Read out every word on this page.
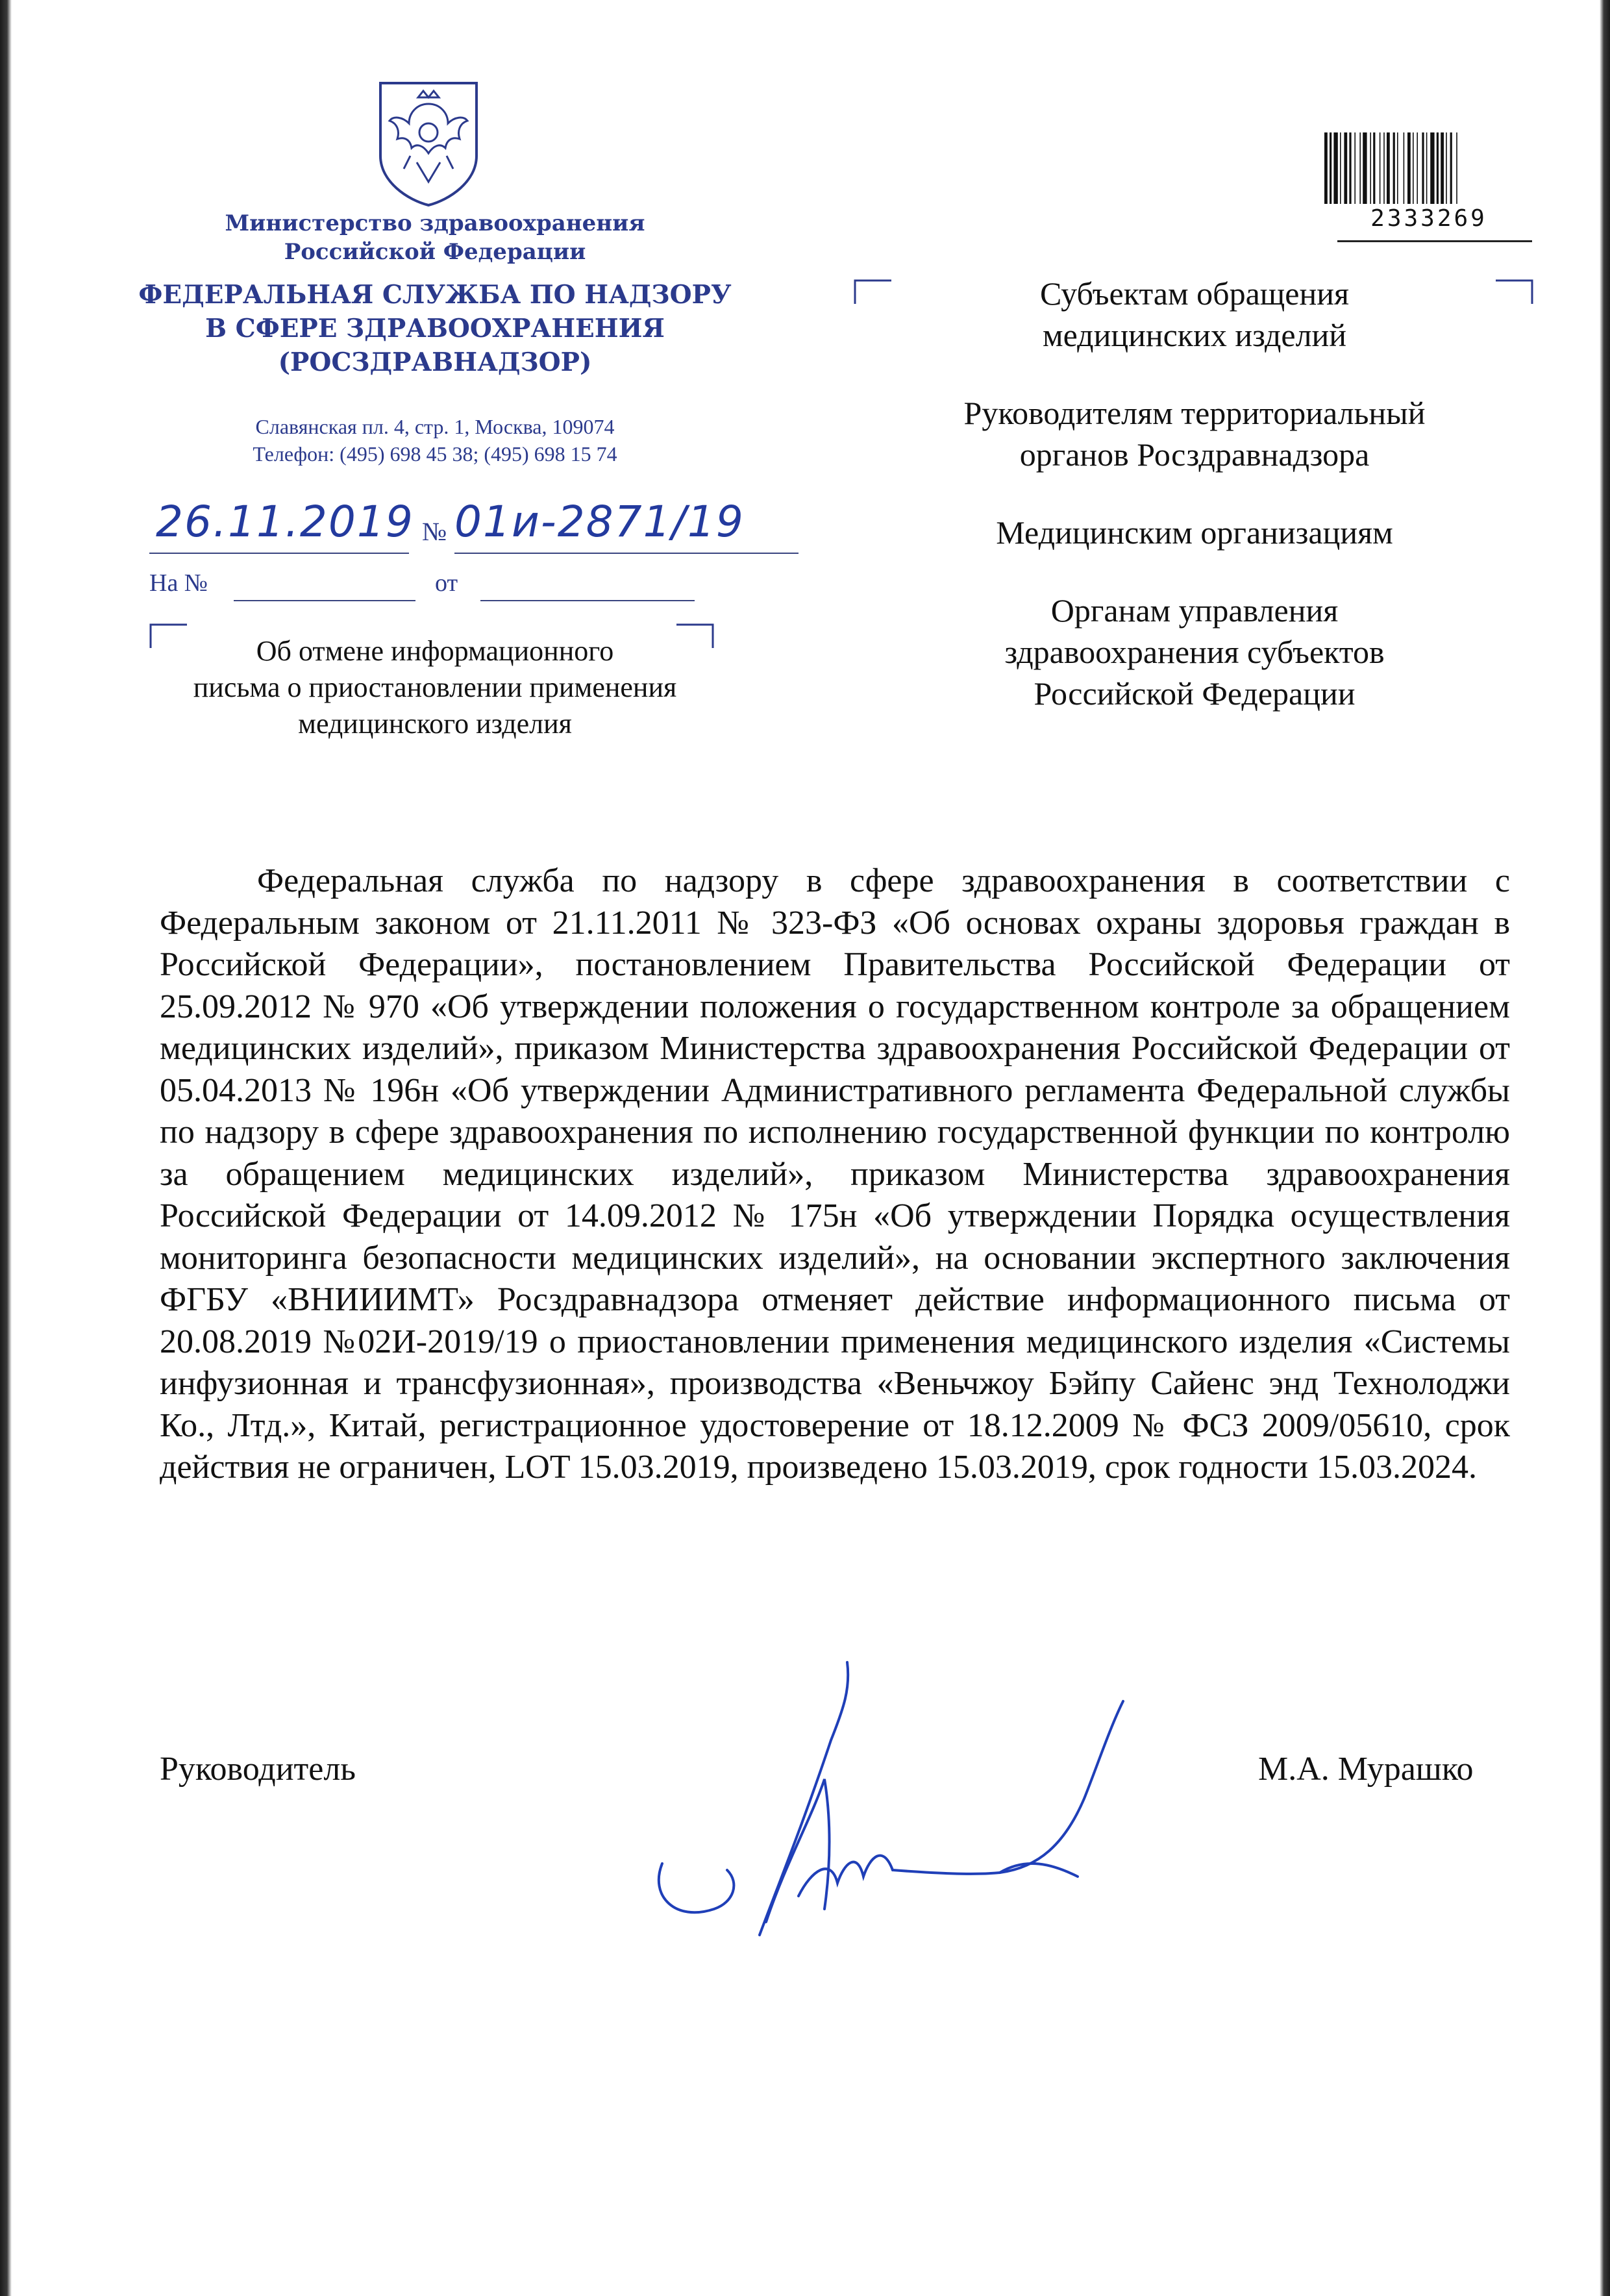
Министерство здравоохранения
Российской Федерации
ФЕДЕРАЛЬНАЯ СЛУЖБА ПО НАДЗОРУ
В СФЕРЕ ЗДРАВООХРАНЕНИЯ
(РОСЗДРАВНАДЗОР)
Славянская пл. 4, стр. 1, Москва, 109074
Телефон: (495) 698 45 38; (495) 698 15 74
26.11.2019 № 01и-2871/19
На №	от
Об отмене информационного
письма о приостановлении применения
медицинского изделия
2333269
Субъектам обращения
медицинских изделий
Руководителям территориальный
органов Росздравнадзора
Медицинским организациям
Органам управления
здравоохранения субъектов
Российской Федерации
Федеральная служба по надзору в сфере здравоохранения в соответствии с Федеральным законом от 21.11.2011 № 323-ФЗ «Об основах охраны здоровья граждан в Российской Федерации», постановлением Правительства Российской Федерации от 25.09.2012 № 970 «Об утверждении положения о государственном контроле за обращением медицинских изделий», приказом Министерства здравоохранения Российской Федерации от 05.04.2013 № 196н «Об утверждении Административного регламента Федеральной службы по надзору в сфере здравоохранения по исполнению государственной функции по контролю за обращением медицинских изделий», приказом Министерства здравоохранения Российской Федерации от 14.09.2012 № 175н «Об утверждении Порядка осуществления мониторинга безопасности медицинских изделий», на основании экспертного заключения ФГБУ «ВНИИИМТ» Росздравнадзора отменяет действие информационного письма от 20.08.2019 №02И-2019/19 о приостановлении применения медицинского изделия «Системы инфузионная и трансфузионная», производства «Веньчжоу Бэйпу Сайенс энд Технолоджи Ко., Лтд.», Китай, регистрационное удостоверение от 18.12.2009 № ФСЗ 2009/05610, срок действия не ограничен, LOT 15.03.2019, произведено 15.03.2019, срок годности 15.03.2024.
Руководитель	М.А. Мурашко
